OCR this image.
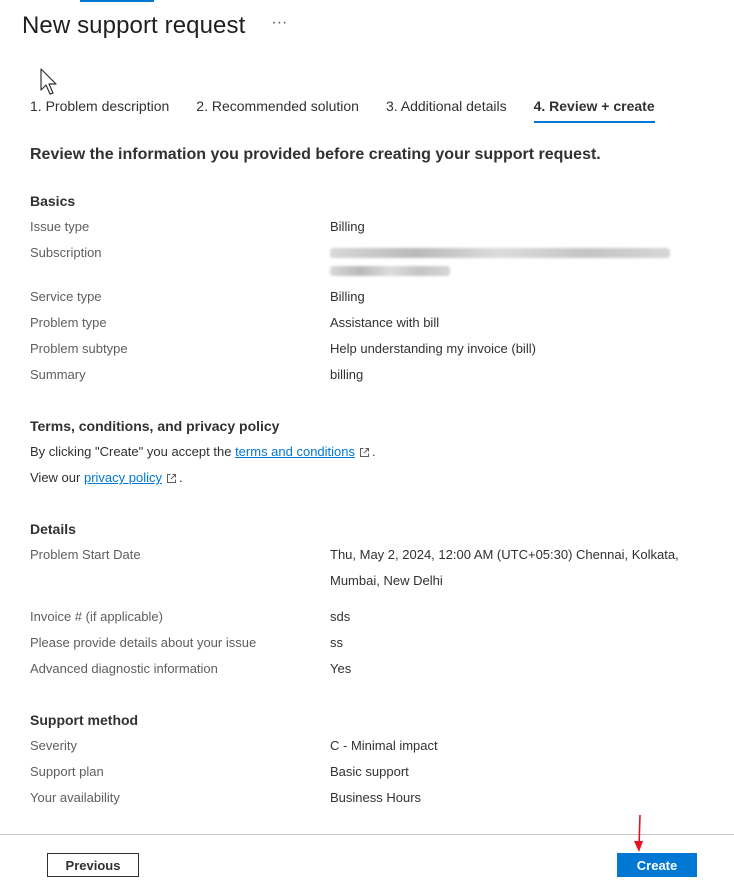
New support request ···
1. Problem description 2. Recommended solution 3. Additional details 4. Review + create
Review the information you provided before creating your support request.
Basics
Issue type	Billing
Subscription
Service type	Billing
Problem type	Assistance with bill
Problem subtype	Help understanding my invoice (bill)
Summary	billing
Terms, conditions, and privacy policy
By clicking "Create" you accept the terms and conditions .
View our privacy policy .
Details
Problem Start Date	Thu, May 2, 2024, 12:00 AM (UTC+05:30) Chennai, Kolkata, Mumbai, New Delhi
Invoice # (if applicable)	sds
Please provide details about your issue	ss
Advanced diagnostic information	Yes
Support method
Severity	C - Minimal impact
Support plan	Basic support
Your availability	Business Hours
Previous	Create
